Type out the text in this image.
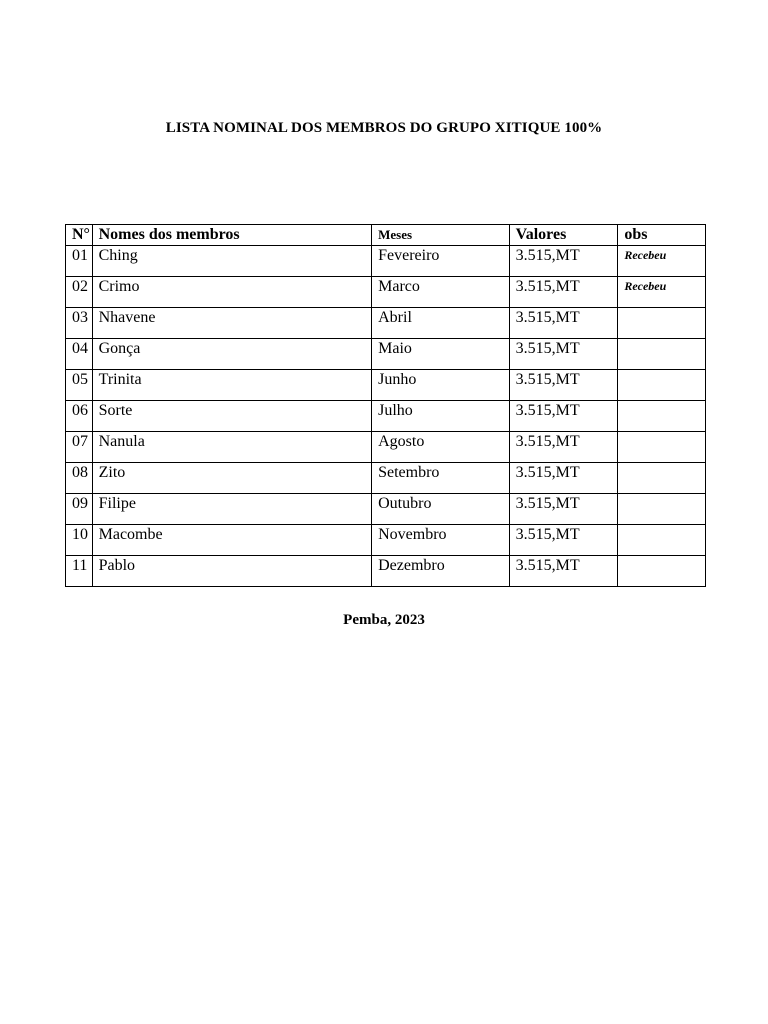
LISTA NOMINAL DOS MEMBROS DO GRUPO XITIQUE 100%
N°	Nomes dos membros	Meses	Valores	obs
01	Ching	Fevereiro	3.515,MT	Recebeu
02	Crimo	Marco	3.515,MT	Recebeu
03	Nhavene	Abril	3.515,MT	
04	Gonça	Maio	3.515,MT	
05	Trinita	Junho	3.515,MT	
06	Sorte	Julho	3.515,MT	
07	Nanula	Agosto	3.515,MT	
08	Zito	Setembro	3.515,MT	
09	Filipe	Outubro	3.515,MT	
10	Macombe	Novembro	3.515,MT	
11	Pablo	Dezembro	3.515,MT	
Pemba, 2023
